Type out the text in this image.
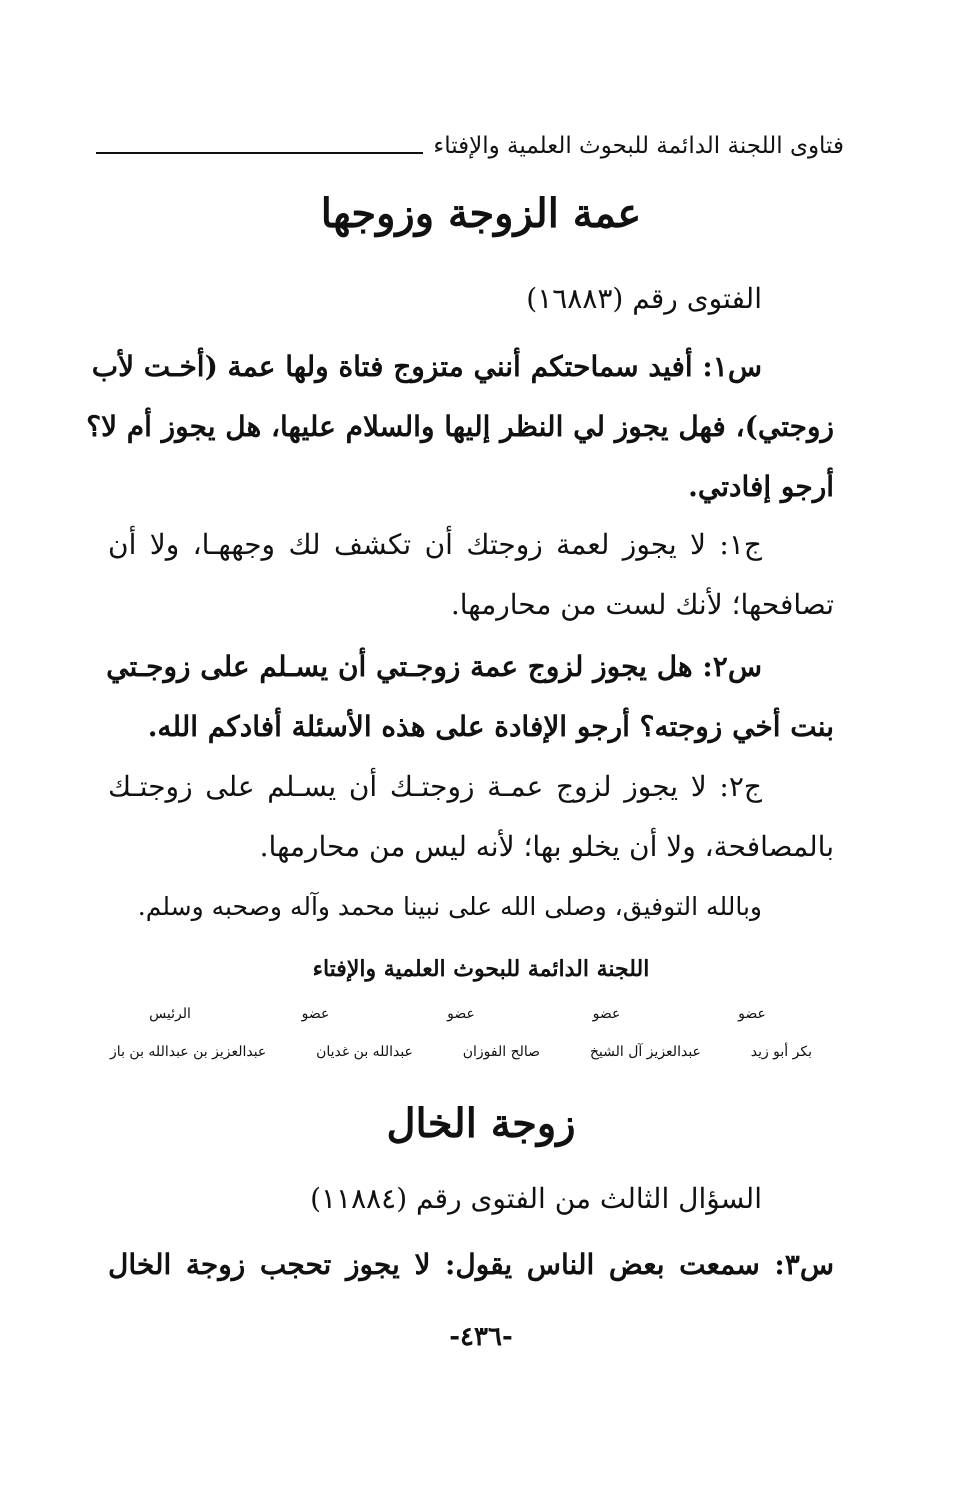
فتاوى اللجنة الدائمة للبحوث العلمية والإفتاء
عمة الزوجة وزوجها
الفتوى رقم (١٦٨٨٣)
س١: أفيد سماحتكم أنني متزوج فتاة ولها عمة (أخـت لأب
زوجتي)، فهل يجوز لي النظر إليها والسلام عليها، هل يجوز أم لا؟
أرجو إفادتي.
ج١: لا يجوز لعمة زوجتك أن تكشف لك وجههـا، ولا أن
تصافحها؛ لأنك لست من محارمها.
س٢: هل يجوز لزوج عمة زوجـتي أن يسـلم على زوجـتي
بنت أخي زوجته؟ أرجو الإفادة على هذه الأسئلة أفادكم الله.
ج٢: لا يجوز لزوج عمـة زوجتـك أن يسـلم على زوجتـك
بالمصافحة، ولا أن يخلو بها؛ لأنه ليس من محارمها.
وبالله التوفيق، وصلى الله على نبينا محمد وآله وصحبه وسلم.
اللجنة الدائمة للبحوث العلمية والإفتاء
عضو
عضو
عضو
عضو
الرئيس
بكر أبو زيد
عبدالعزيز آل الشيخ
صالح الفوزان
عبدالله بن غديان
عبدالعزيز بن عبدالله بن باز
زوجة الخال
السؤال الثالث من الفتوى رقم (١١٨٨٤)
س٣: سمعت بعض الناس يقول: لا يجوز تحجب زوجة الخال
-٤٣٦-
